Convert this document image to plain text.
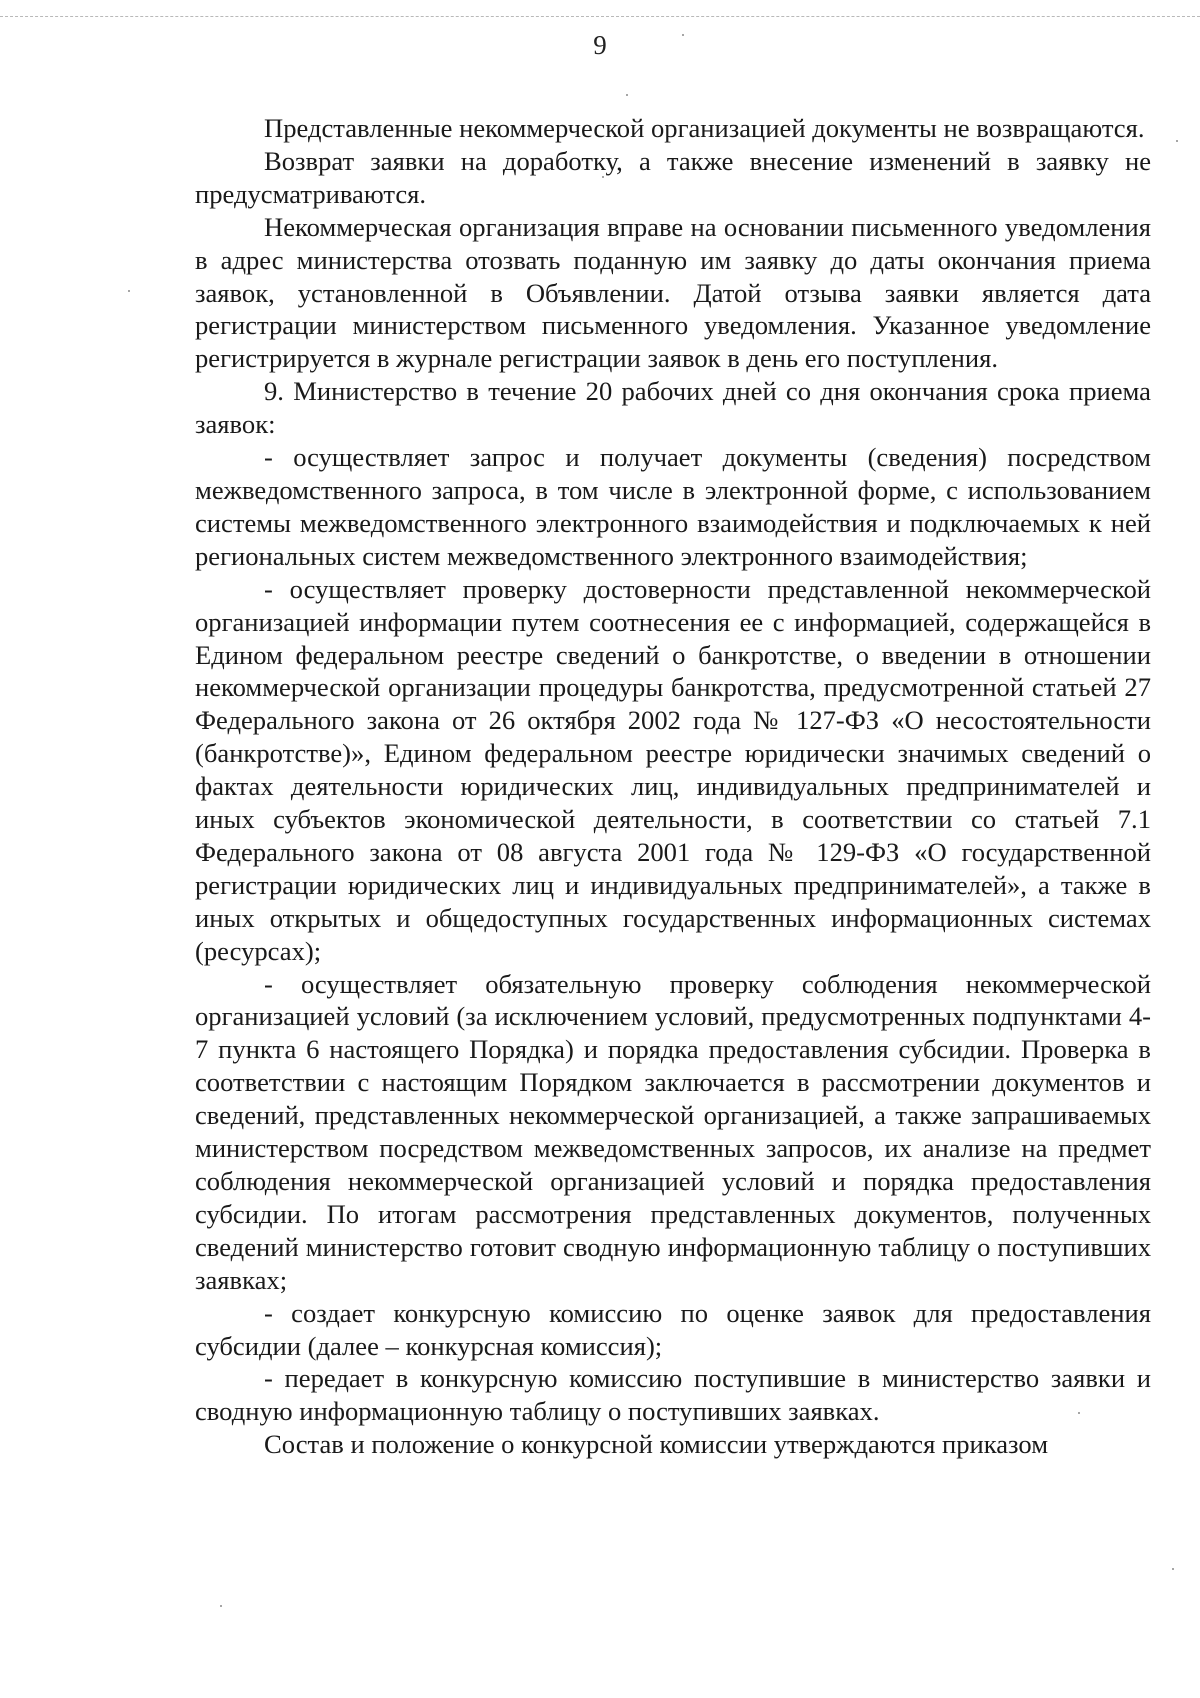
9

Представленные некоммерческой организацией документы не возвращаются.

Возврат заявки на доработку, а также внесение изменений в заявку не предусматриваются.

Некоммерческая организация вправе на основании письменного уведомления в адрес министерства отозвать поданную им заявку до даты окончания приема заявок, установленной в Объявлении. Датой отзыва заявки является дата регистрации министерством письменного уведомления. Указанное уведомление регистрируется в журнале регистрации заявок в день его поступления.

9. Министерство в течение 20 рабочих дней со дня окончания срока приема заявок:

- осуществляет запрос и получает документы (сведения) посредством межведомственного запроса, в том числе в электронной форме, с использованием системы межведомственного электронного взаимодействия и подключаемых к ней региональных систем межведомственного электронного взаимодействия;

- осуществляет проверку достоверности представленной некоммерческой организацией информации путем соотнесения ее с информацией, содержащейся в Едином федеральном реестре сведений о банкротстве, о введении в отношении некоммерческой организации процедуры банкротства, предусмотренной статьей 27 Федерального закона от 26 октября 2002 года № 127-ФЗ «О несостоятельности (банкротстве)», Едином федеральном реестре юридически значимых сведений о фактах деятельности юридических лиц, индивидуальных предпринимателей и иных субъектов экономической деятельности, в соответствии со статьей 7.1 Федерального закона от 08 августа 2001 года № 129-ФЗ «О государственной регистрации юридических лиц и индивидуальных предпринимателей», а также в иных открытых и общедоступных государственных информационных системах (ресурсах);

- осуществляет обязательную проверку соблюдения некоммерческой организацией условий (за исключением условий, предусмотренных подпунктами 4-7 пункта 6 настоящего Порядка) и порядка предоставления субсидии. Проверка в соответствии с настоящим Порядком заключается в рассмотрении документов и сведений, представленных некоммерческой организацией, а также запрашиваемых министерством посредством межведомственных запросов, их анализе на предмет соблюдения некоммерческой организацией условий и порядка предоставления субсидии. По итогам рассмотрения представленных документов, полученных сведений министерство готовит сводную информационную таблицу о поступивших заявках;

- создает конкурсную комиссию по оценке заявок для предоставления субсидии (далее – конкурсная комиссия);

- передает в конкурсную комиссию поступившие в министерство заявки и сводную информационную таблицу о поступивших заявках.

Состав и положение о конкурсной комиссии утверждаются приказом
